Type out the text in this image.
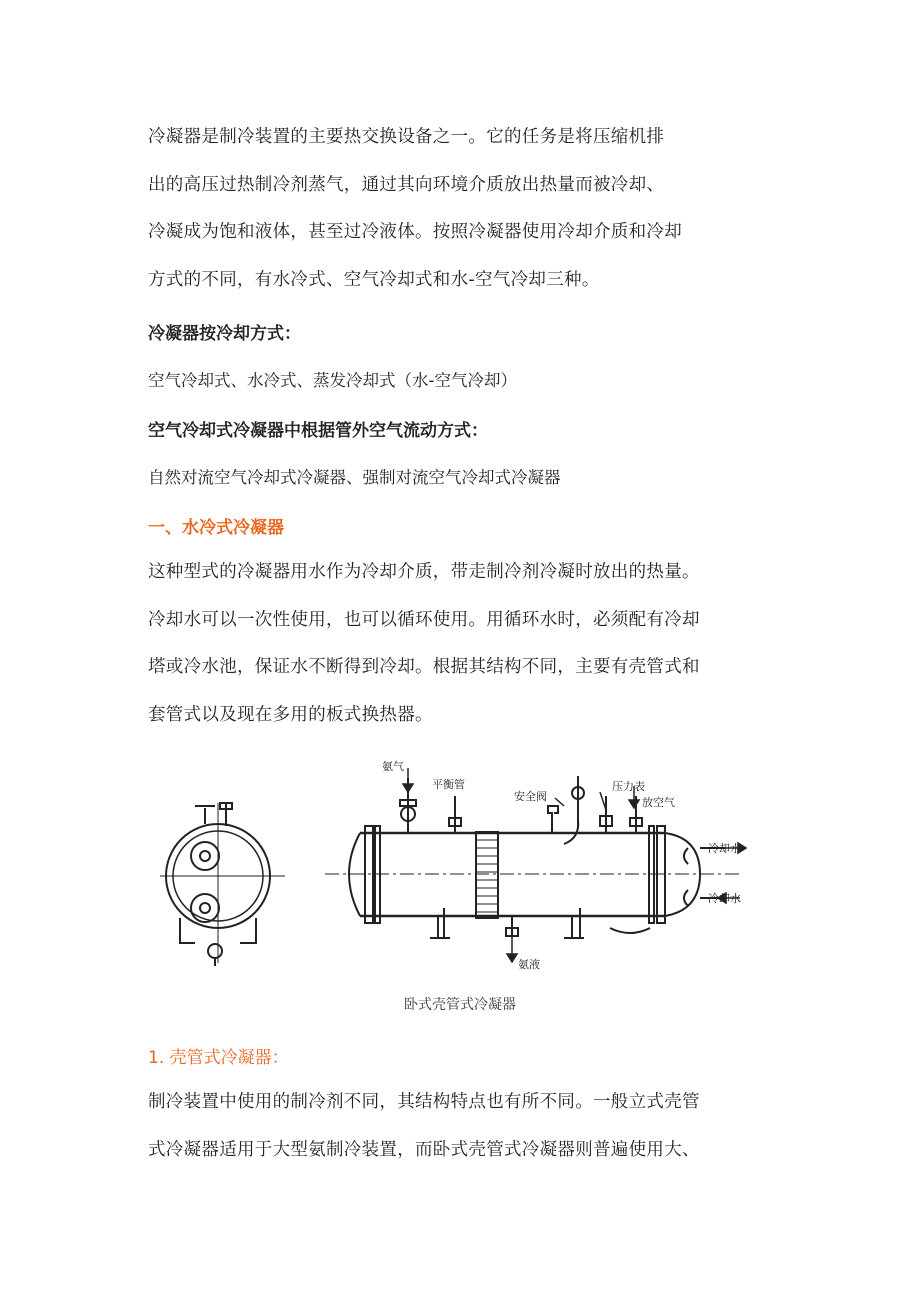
冷凝器是制冷装置的主要热交换设备之一。它的任务是将压缩机排
出的高压过热制冷剂蒸气，通过其向环境介质放出热量而被冷却、
冷凝成为饱和液体，甚至过冷液体。按照冷凝器使用冷却介质和冷却
方式的不同，有水冷式、空气冷却式和水-空气冷却三种。
冷凝器按冷却方式：
空气冷却式、水冷式、蒸发冷却式（水-空气冷却）
空气冷却式冷凝器中根据管外空气流动方式：
自然对流空气冷却式冷凝器、强制对流空气冷却式冷凝器
一、水冷式冷凝器
这种型式的冷凝器用水作为冷却介质，带走制冷剂冷凝时放出的热量。
冷却水可以一次性使用，也可以循环使用。用循环水时，必须配有冷却
塔或冷水池，保证水不断得到冷却。根据其结构不同，主要有壳管式和
套管式以及现在多用的板式换热器。
氨气
平衡管
安全阀
压力表
放空气
冷却水
冷却水
氨液
卧式壳管式冷凝器
1. 壳管式冷凝器：
制冷装置中使用的制冷剂不同，其结构特点也有所不同。一般立式壳管
式冷凝器适用于大型氨制冷装置，而卧式壳管式冷凝器则普遍使用大、
